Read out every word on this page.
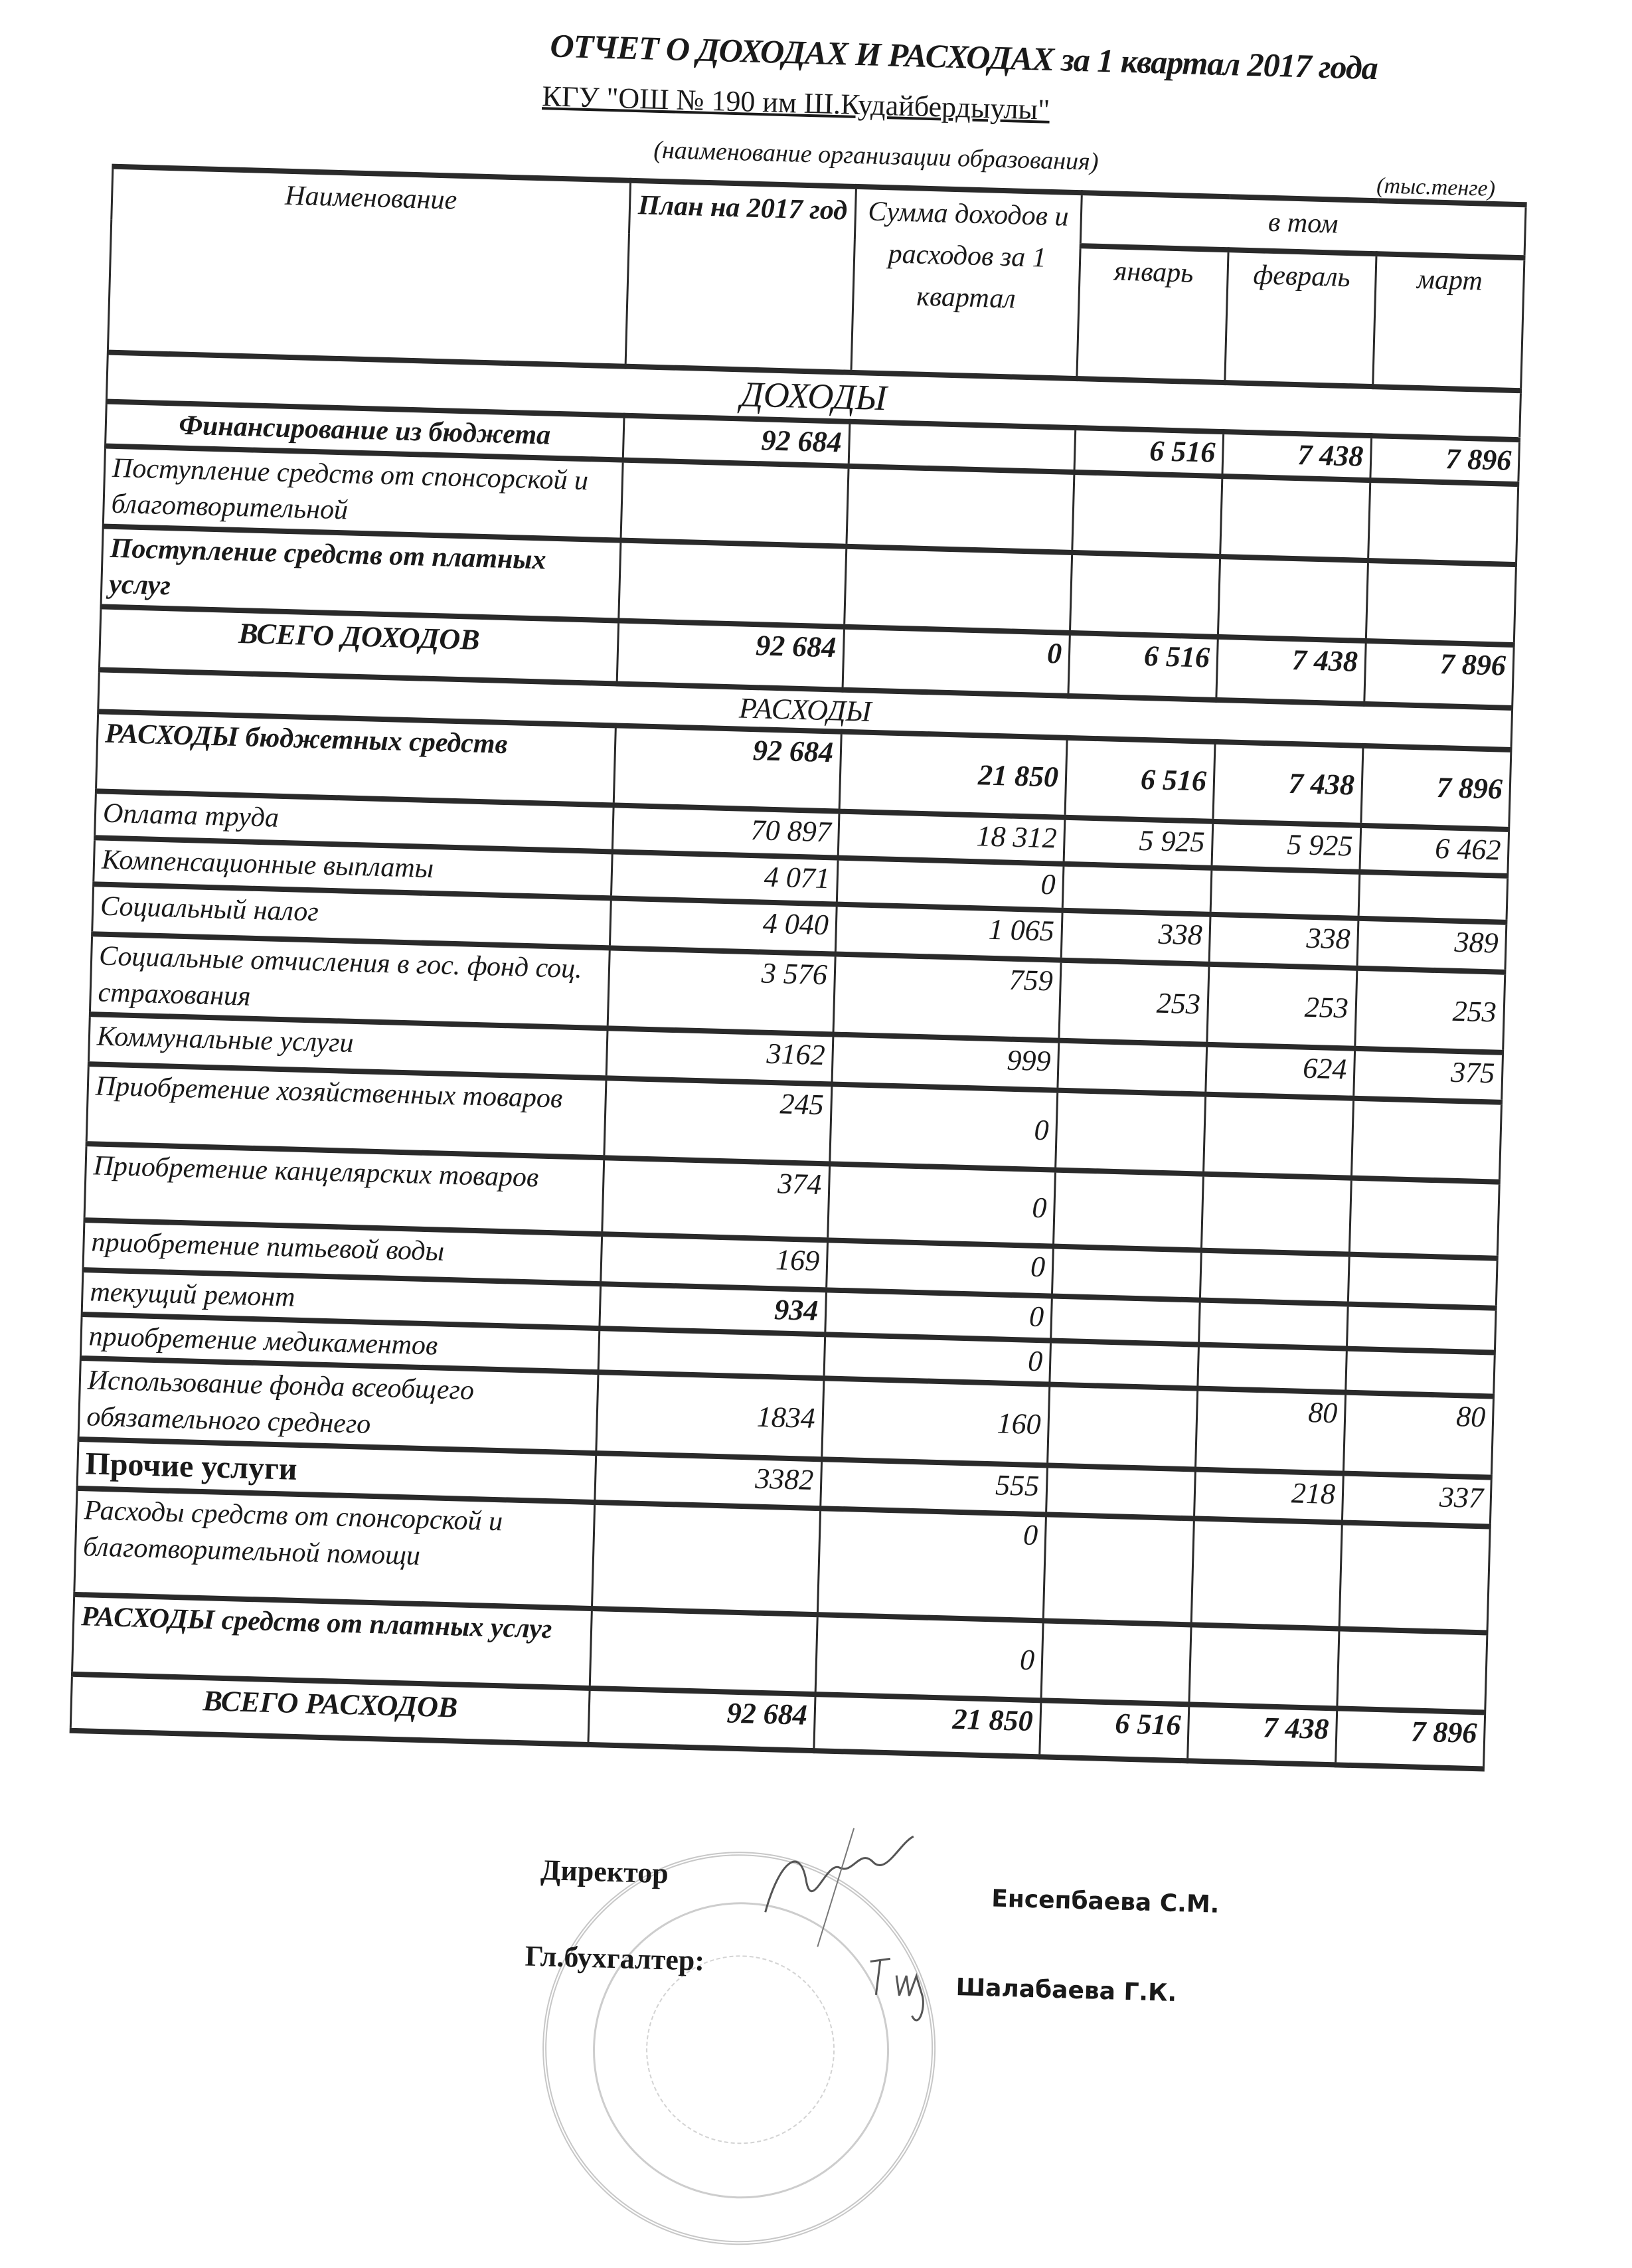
ОТЧЕТ О ДОХОДАХ И РАСХОДАХ за 1 квартал 2017 года
КГУ "ОШ № 190 им Ш.Кудайбердыулы"
(наименование организации образования)
(тыс.тенге)
Наименование	План на 2017 год	Сумма доходов и расходов за 1 квартал	в том		
			январь	февраль	март
ДОХОДЫ					
Финансирование из бюджета	92 684		6 516	7 438	7 896
Поступление средств от спонсорской и благотворительной					
Поступление средств от платных услуг					
ВСЕГО ДОХОДОВ	92 684	0	6 516	7 438	7 896
РАСХОДЫ					
РАСХОДЫ бюджетных средств	92 684	21 850	6 516	7 438	7 896
Оплата труда	70 897	18 312	5 925	5 925	6 462
Компенсационные выплаты	4 071	0			
Социальный налог	4 040	1 065	338	338	389
Социальные отчисления в гос. фонд соц. страхования	3 576	759	253	253	253
Коммунальные услуги	3162	999		624	375
Приобретение хозяйственных товаров	245	0			
Приобретение канцелярских товаров	374	0			
приобретение питьевой воды	169	0			
текущий ремонт	934	0			
приобретение медикаментов		0			
Использование фонда всеобщего обязательного среднего	1834	160		80	80
Прочие услуги	3382	555		218	337
Расходы средств от спонсорской и благотворительной помощи		0			
РАСХОДЫ средств от платных услуг		0			
ВСЕГО РАСХОДОВ	92 684	21 850	6 516	7 438	7 896
Директор
Енсепбаева С.М.
Гл.бухгалтер:
Шалабаева Г.К.
